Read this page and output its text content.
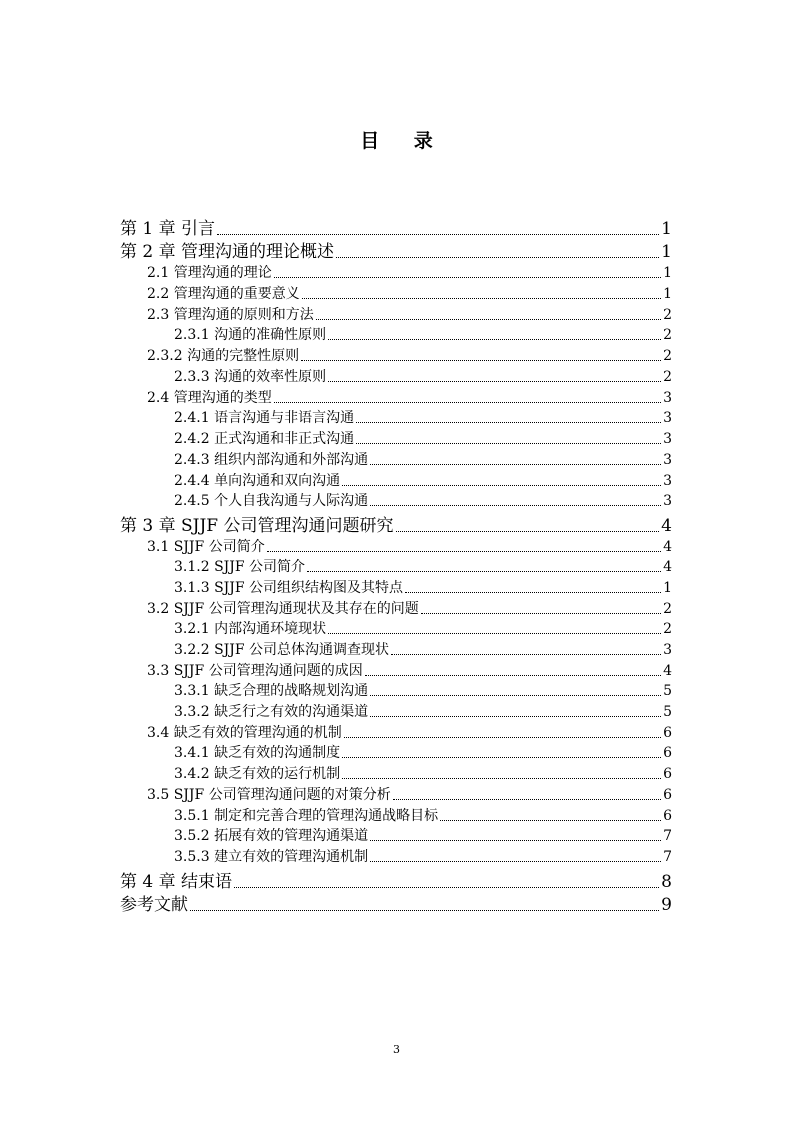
目 录
第 1 章 引言	1
第 2 章 管理沟通的理论概述	1
2.1 管理沟通的理论	1
2.2 管理沟通的重要意义	1
2.3 管理沟通的原则和方法	2
2.3.1 沟通的准确性原则	2
2.3.2 沟通的完整性原则	2
2.3.3 沟通的效率性原则	2
2.4 管理沟通的类型	3
2.4.1 语言沟通与非语言沟通	3
2.4.2 正式沟通和非正式沟通	3
2.4.3 组织内部沟通和外部沟通	3
2.4.4 单向沟通和双向沟通	3
2.4.5 个人自我沟通与人际沟通	3
第 3 章 SJJF 公司管理沟通问题研究	4
3.1 SJJF 公司简介	4
3.1.2 SJJF 公司简介	4
3.1.3 SJJF 公司组织结构图及其特点	1
3.2 SJJF 公司管理沟通现状及其存在的问题	2
3.2.1 内部沟通环境现状	2
3.2.2 SJJF 公司总体沟通调查现状	3
3.3 SJJF 公司管理沟通问题的成因	4
3.3.1 缺乏合理的战略规划沟通	5
3.3.2 缺乏行之有效的沟通渠道	5
3.4 缺乏有效的管理沟通的机制	6
3.4.1 缺乏有效的沟通制度	6
3.4.2 缺乏有效的运行机制	6
3.5 SJJF 公司管理沟通问题的对策分析	6
3.5.1 制定和完善合理的管理沟通战略目标	6
3.5.2 拓展有效的管理沟通渠道	7
3.5.3 建立有效的管理沟通机制	7
第 4 章 结束语	8
参考文献	9
3
